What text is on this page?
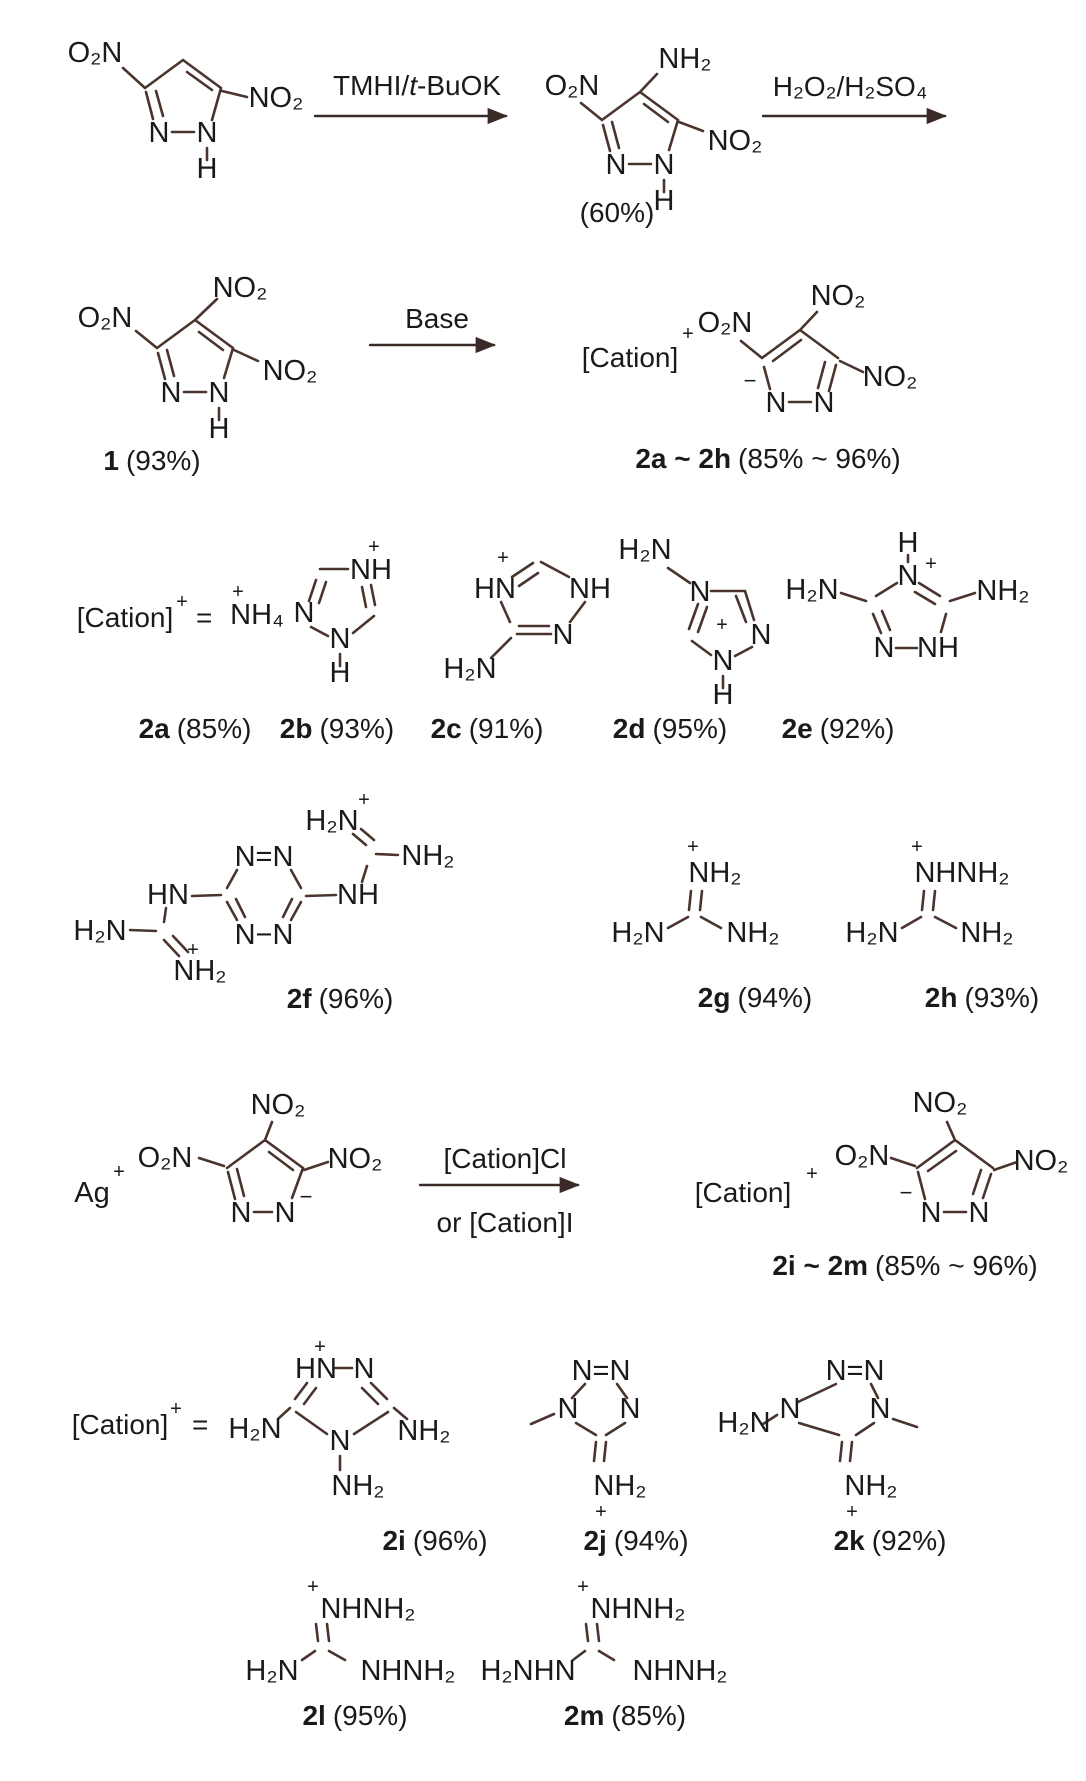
O₂N
NO₂
N N
H
TMHI/t-BuOK
NH₂
O₂N
NO₂
N N
H
(60%)
H₂O₂/H₂SO₄
NO₂
O₂N
NO₂
N N
H
1 (93%)
Base
[Cation]
+
NO₂
O₂N
NO₂
N N
−
2a ~ 2h (85% ~ 96%)
[Cation] + = NH₄
+
N
NH
+
N
H
HN
+
NH
N
H₂N
H₂N
N
N
+
N
H
H
N +
H₂N	NH₂
N NH
2a (85%) 2b (93%) 2c (91%) 2d (95%) 2e (92%)
N=N
N−N
HN	NH
H₂N
+
NH₂
H₂N
+
NH₂
2f (96%)
+
NH₂
H₂N NH₂
2g (94%)
+
NHNH₂
H₂N NH₂
2h (93%)
Ag
+
NO₂
O₂N	NO₂
N N
−
[Cation]Cl
or [Cation]I
[Cation]
+
NO₂
O₂N	NO₂
N N
−
2i ~ 2m (85% ~ 96%)
[Cation] + =
+
HN N
H₂N	NH₂
N
NH₂
2i (96%)
N=N
N N
NH₂
+
2j (94%)
N=N
N N
H₂N
NH₂
+
2k (92%)
+
NHNH₂
H₂N NHNH₂
2l (95%)
+
NHNH₂
H₂NHN NHNH₂
2m (85%)
